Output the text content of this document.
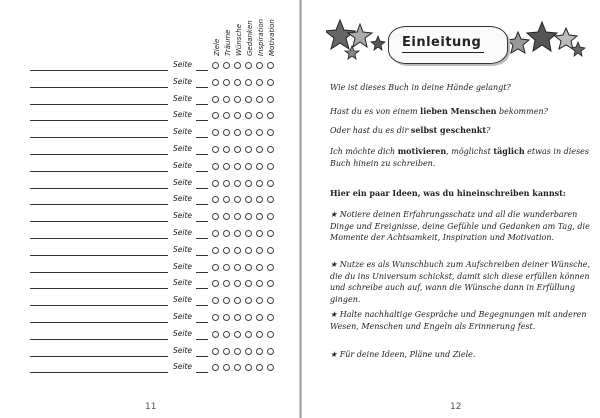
Ziele Träume Wünsche Gedanken Inspiration Motivation
Seite
Seite
Seite
Seite
Seite
Seite
Seite
Seite
Seite
Seite
Seite
Seite
Seite
Seite
Seite
Seite
Seite
Seite
Seite
11	12
Einleitung
Wie ist dieses Buch in deine Hände gelangt?
Hast du es von einem lieben Menschen bekommen?
Oder hast du es dir selbst geschenkt?
Ich möchte dich motivieren, möglichst täglich etwas in dieses Buch hinein zu schreiben.
Hier ein paar Ideen, was du hineinschreiben kannst:
★ Notiere deinen Erfahrungsschatz und all die wunderbaren Dinge und Ereignisse, deine Gefühle und Gedanken am Tag, die Momente der Achtsamkeit, Inspiration und Motivation.
★ Nutze es als Wunschbuch zum Aufschreiben deiner Wünsche, die du ins Universum schickst, damit sich diese erfüllen können und schreibe auch auf, wann die Wünsche dann in Erfüllung gingen.
★ Halte nachhaltige Gespräche und Begegnungen mit anderen Wesen, Menschen und Engeln als Erinnerung fest.
★ Für deine Ideen, Pläne und Ziele.
